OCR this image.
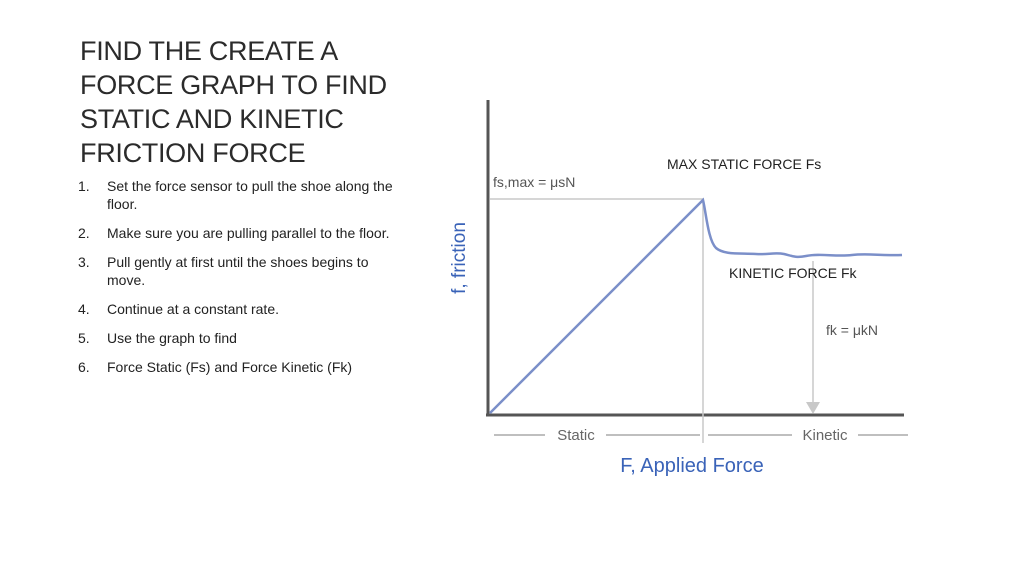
FIND THE CREATE A FORCE GRAPH TO FIND STATIC AND KINETIC FRICTION FORCE
1.	Set the force sensor to pull the shoe along the floor.
2.	Make sure you are pulling parallel to the floor.
3.	Pull gently at first until the shoes begins to move.
4.	Continue at a constant rate.
5.	Use the graph to find
6.	Force Static (Fs) and Force Kinetic (Fk)
Static	Kinetic
F, Applied Force
f, friction
fs,max = μsN
fk = μkN
MAX STATIC FORCE Fs
KINETIC FORCE Fk
